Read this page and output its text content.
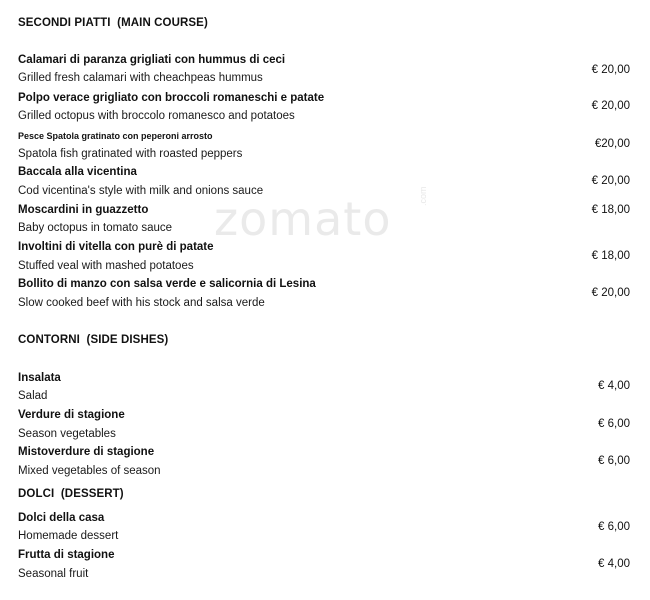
zomato	.com
SECONDI PIATTI  (MAIN COURSE)
Calamari di paranza grigliati con hummus di ceci
Grilled fresh calamari with cheachpeas hummus
€ 20,00
Polpo verace grigliato con broccoli romaneschi e patate
Grilled octopus with broccolo romanesco and potatoes
€ 20,00
Pesce Spatola gratinato con peperoni arrosto
Spatola fish gratinated with roasted peppers
€20,00
Baccala alla vicentina
Cod vicentina's style with milk and onions sauce
€ 20,00
Moscardini in guazzetto
Baby octopus in tomato sauce
€ 18,00
Involtini di vitella con purè di patate
Stuffed veal with mashed potatoes
€ 18,00
Bollito di manzo con salsa verde e salicornia di Lesina
Slow cooked beef with his stock and salsa verde
€ 20,00
CONTORNI  (SIDE DISHES)
Insalata
Salad
€ 4,00
Verdure di stagione
Season vegetables
€ 6,00
Mistoverdure di stagione
Mixed vegetables of season
€ 6,00
DOLCI  (DESSERT)
Dolci della casa
Homemade dessert
€ 6,00
Frutta di stagione
Seasonal fruit
€ 4,00
